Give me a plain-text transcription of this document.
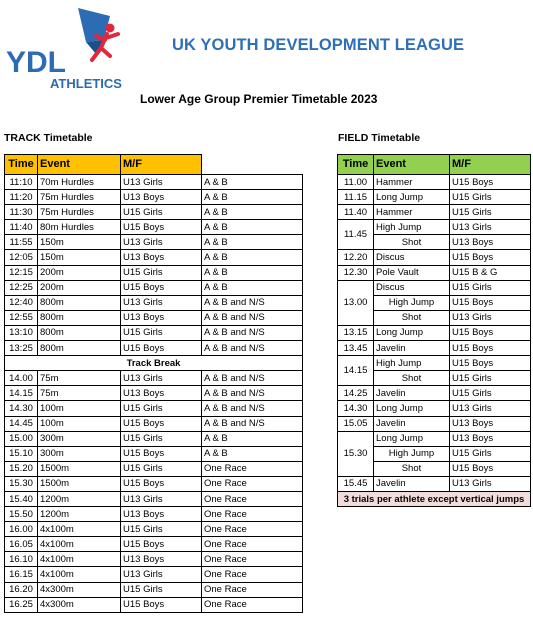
YDL
ATHLETICS
UK YOUTH DEVELOPMENT LEAGUE
Lower Age Group Premier Timetable 2023
TRACK Timetable	FIELD Timetable
Time	Event	M/F	
11:10	70m Hurdles	U13 Girls	A & B
11:20	75m Hurdles	U13 Boys	A & B
11:30	75m Hurdles	U15 Girls	A & B
11:40	80m Hurdles	U15 Boys	A & B
11:55	150m	U13 Girls	A & B
12:05	150m	U13 Boys	A & B
12:15	200m	U15 Girls	A & B
12:25	200m	U15 Boys	A & B
12:40	800m	U13 Girls	A & B and N/S
12:55	800m	U13 Boys	A & B and N/S
13:10	800m	U15 Girls	A & B and N/S
13:25	800m	U15 Boys	A & B and N/S
Track Break			
14.00	75m	U13 Girls	A & B and N/S
14.15	75m	U13 Boys	A & B and N/S
14.30	100m	U15 Girls	A & B and N/S
14.45	100m	U15 Boys	A & B and N/S
15.00	300m	U15 Girls	A & B
15.10	300m	U15 Boys	A & B
15.20	1500m	U15 Girls	One Race
15.30	1500m	U15 Boys	One Race
15.40	1200m	U13 Girls	One Race
15.50	1200m	U13 Boys	One Race
16.00	4x100m	U15 Girls	One Race
16.05	4x100m	U15 Boys	One Race
16.10	4x100m	U13 Boys	One Race
16.15	4x100m	U13 Girls	One Race
16.20	4x300m	U15 Girls	One Race
16.25	4x300m	U15 Boys	One Race
Time	Event	M/F
11.00	Hammer	U15 Boys
11.15	Long Jump	U15 Girls
11.40	Hammer	U15 Girls
11.45	High Jump	U13 Girls
	Shot	U13 Boys
12.20	Discus	U15 Boys
12.30	Pole Vault	U15 B & G
13.00	Discus	U15 Girls
	High Jump	U15 Boys
	Shot	U13 Girls
13.15	Long Jump	U15 Boys
13.45	Javelin	U15 Boys
14.15	High Jump	U15 Boys
	Shot	U15 Girls
14.25	Javelin	U15 Girls
14.30	Long Jump	U13 Girls
15.05	Javelin	U13 Boys
15.30	Long Jump	U13 Boys
	High Jump	U15 Girls
	Shot	U15 Boys
15.45	Javelin	U13 Girls
3 trials per athlete except vertical jumps		
